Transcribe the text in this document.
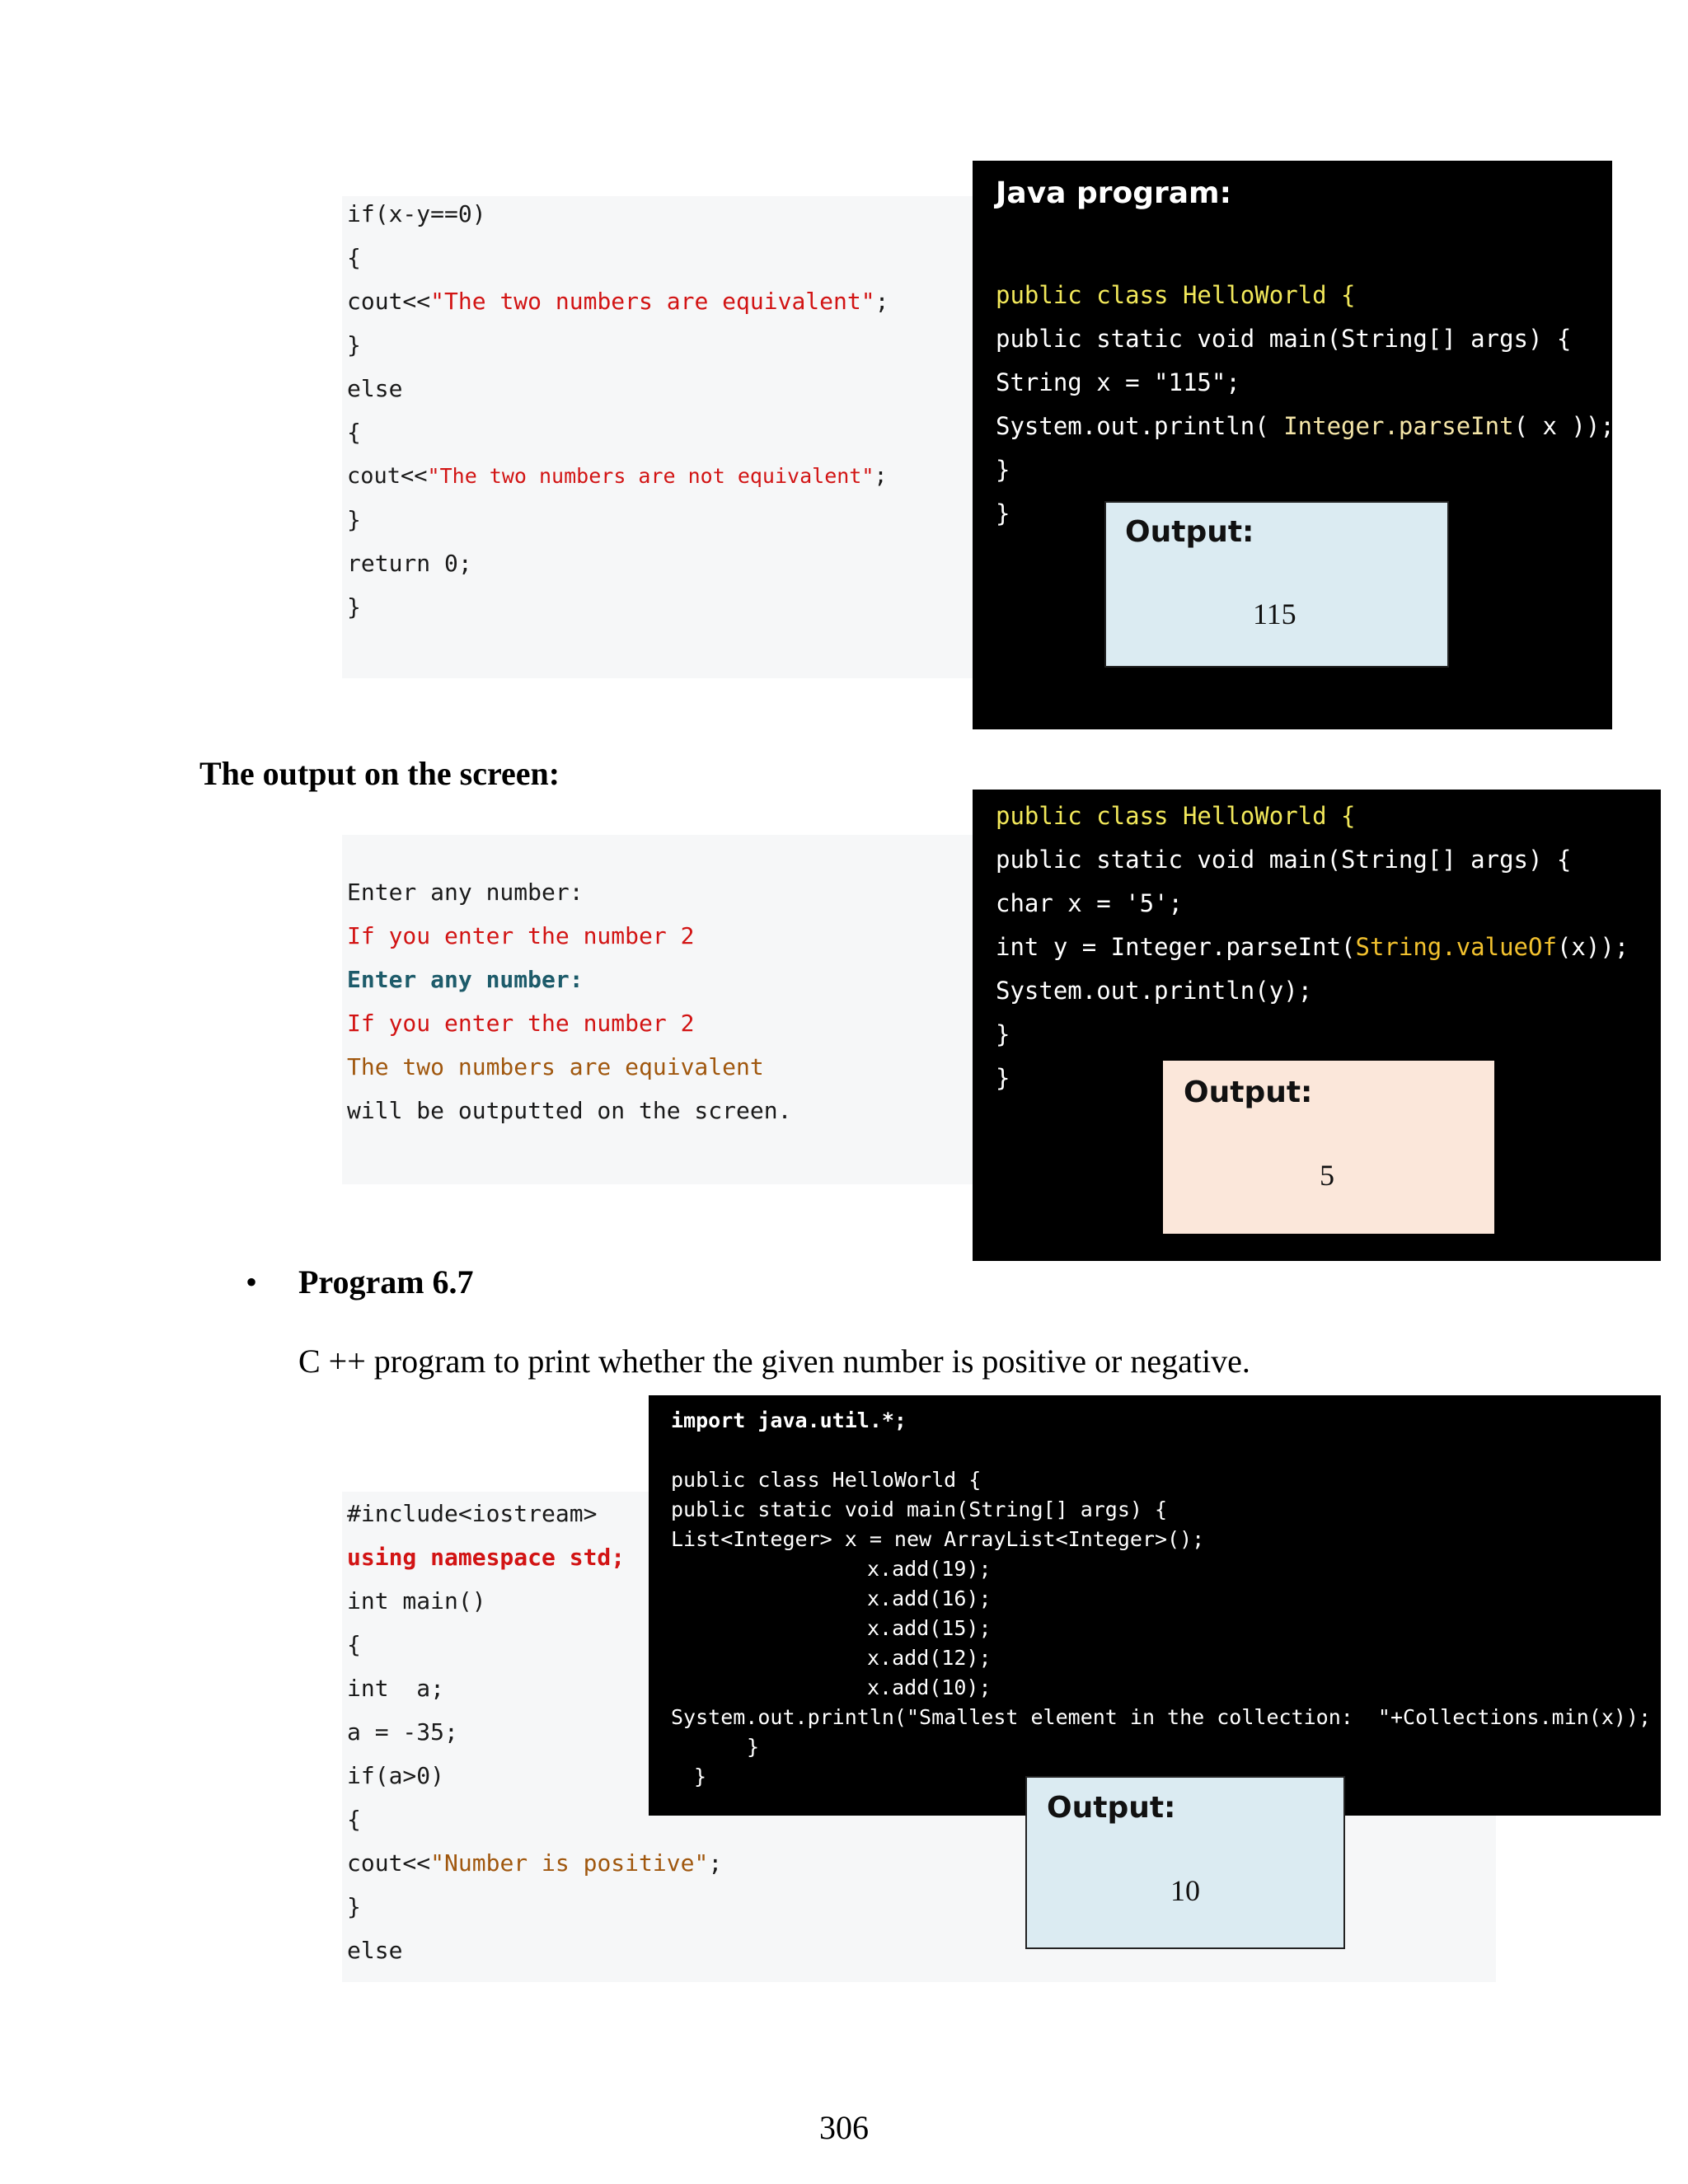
if(x-y==0)
{
cout<<"The two numbers are equivalent";
}
else
{
cout<<"The two numbers are not equivalent";
}
return 0;
}
Java program:
public class HelloWorld {
public static void main(String[] args) {
String x = "115";
System.out.println( Integer.parseInt( x ));
}
}
Output:
115
The output on the screen:
Enter any number:
If you enter the number 2
Enter any number:
If you enter the number 2
The two numbers are equivalent
will be outputted on the screen.
public class HelloWorld {
public static void main(String[] args) {
char x = '5';
int y = Integer.parseInt(String.valueOf(x));
System.out.println(y);
}
}	Output:
5
• Program 6.7
C ++ program to print whether the given number is positive or negative.
#include<iostream>
using namespace std;
int main()
{
int  a;
a = -35;
if(a>0)
{
cout<<"Number is positive";
}
else
import java.util.*;
public class HelloWorld {
public static void main(String[] args) {
List<Integer> x = new ArrayList<Integer>();
x.add(19);
x.add(16);
x.add(15);
x.add(12);
x.add(10);
System.out.println("Smallest element in the collection:  "+Collections.min(x));
}
}
Output:
10
306
